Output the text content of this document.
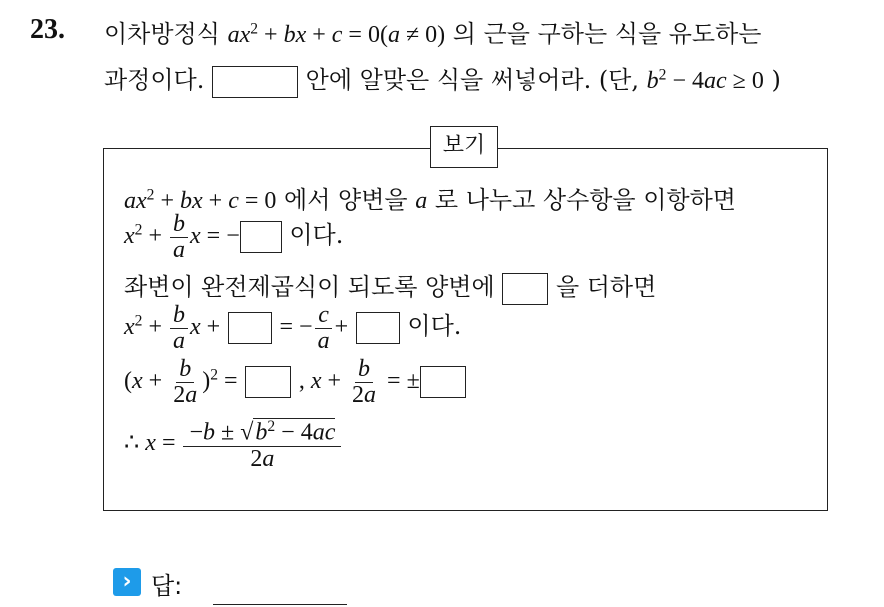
23. 이차방정식 $ax^2$ + bx + c = 0(a ≠ 0) 의 근을 구하는 식을 유도하는
과정이다.	안에 알맞은 식을 써넣어라. (단, $b^2 - 4ac \ge 0$ )
보기
$ax^2$ + bx + c = 0 에서 양변을 a 로 나누고 상수항을 이항하면
$x^2 + \frac{b}{a}$ x = − 이다.
좌변이 완전제곱식이 되도록 양변에	을 더하면
$x^2 + \frac{b}{a}$ x + = − $\frac{c}{a}$ + 이다.
$(x + \frac{b}{2a} )^2$ =	, $x + \frac{b}{2a}$ = ±
∴ $x = \frac{-b \pm √b^2 - 4ac}{2a}$
› 답:
